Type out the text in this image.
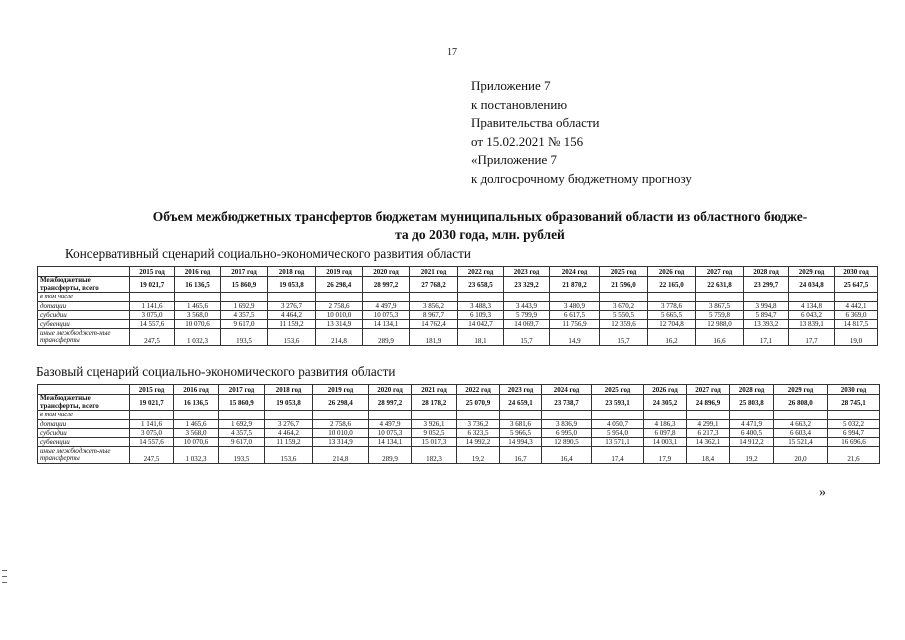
17
Приложение 7
к постановлению
Правительства области
от 15.02.2021 № 156
«Приложение 7
к долгосрочному бюджетному прогнозу
Объем межбюджетных трансфертов бюджетам муниципальных образований области из областного бюдже-
та до 2030 года, млн. рублей
Консервативный сценарий социально-экономического развития области
	2015 год	2016 год	2017 год	2018 год	2019 год	2020 год	2021 год	2022 год	2023 год	2024 год	2025 год	2026 год	2027 год	2028 год	2029 год	2030 год
Межбюджетные трансферты, всего	19 021,7	16 136,5	15 860,9	19 053,8	26 298,4	28 997,2	27 768,2	23 658,5	23 329,2	21 870,2	21 596,0	22 165,0	22 631,8	23 299,7	24 034,8	25 647,5
в том числе																
дотации	1 141,6	1 465,6	1 692,9	3 276,7	2 758,6	4 497,9	3 856,2	3 488,3	3 443,9	3 480,9	3 670,2	3 778,6	3 867,5	3 994,8	4 134,8	4 442,1
субсидии	3 075,0	3 568,0	4 357,5	4 464,2	10 010,0	10 075,3	8 967,7	6 109,3	5 799,9	6 617,5	5 550,5	5 665,5	5 759,8	5 894,7	6 043,2	6 369,0
субвенции	14 557,6	10 070,6	9 617,0	11 159,2	13 314,9	14 134,1	14 762,4	14 042,7	14 069,7	11 756,9	12 359,6	12 704,8	12 988,0	13 393,2	13 839,1	14 817,5
иные межбюджет-ные трансферты	247,5	1 032,3	193,5	153,6	214,8	289,9	181,9	18,1	15,7	14,9	15,7	16,2	16,6	17,1	17,7	19,0
Базовый сценарий социально-экономического развития области
	2015 год	2016 год	2017 год	2018 год	2019 год	2020 год	2021 год	2022 год	2023 год	2024 год	2025 год	2026 год	2027 год	2028 год	2029 год	2030 год
Межбюджетные трансферты, всего	19 021,7	16 136,5	15 860,9	19 053,8	26 298,4	28 997,2	28 178,2	25 070,9	24 659,1	23 738,7	23 593,1	24 305,2	24 896,9	25 803,8	26 808,0	28 745,1
в том числе																
дотации	1 141,6	1 465,6	1 692,9	3 276,7	2 758,6	4 497,9	3 926,1	3 736,2	3 681,6	3 836,9	4 050,7	4 186,3	4 299,1	4 471,9	4 663,2	5 032,2
субсидии	3 075,0	3 568,0	4 357,5	4 464,2	10 010,0	10 075,3	9 052,5	6 323,5	5 966,5	6 995,0	5 954,0	6 097,8	6 217,3	6 400,5	6 603,4	6 994,7
субвенции	14 557,6	10 070,6	9 617,0	11 159,2	13 314,9	14 134,1	15 017,3	14 992,2	14 994,3	12 890,5	13 571,1	14 003,1	14 362,1	14 912,2	15 521,4	16 696,6
иные межбюджет-ные трансферты	247,5	1 032,3	193,5	153,6	214,8	289,9	182,3	19,2	16,7	16,4	17,4	17,9	18,4	19,2	20,0	21,6
»
